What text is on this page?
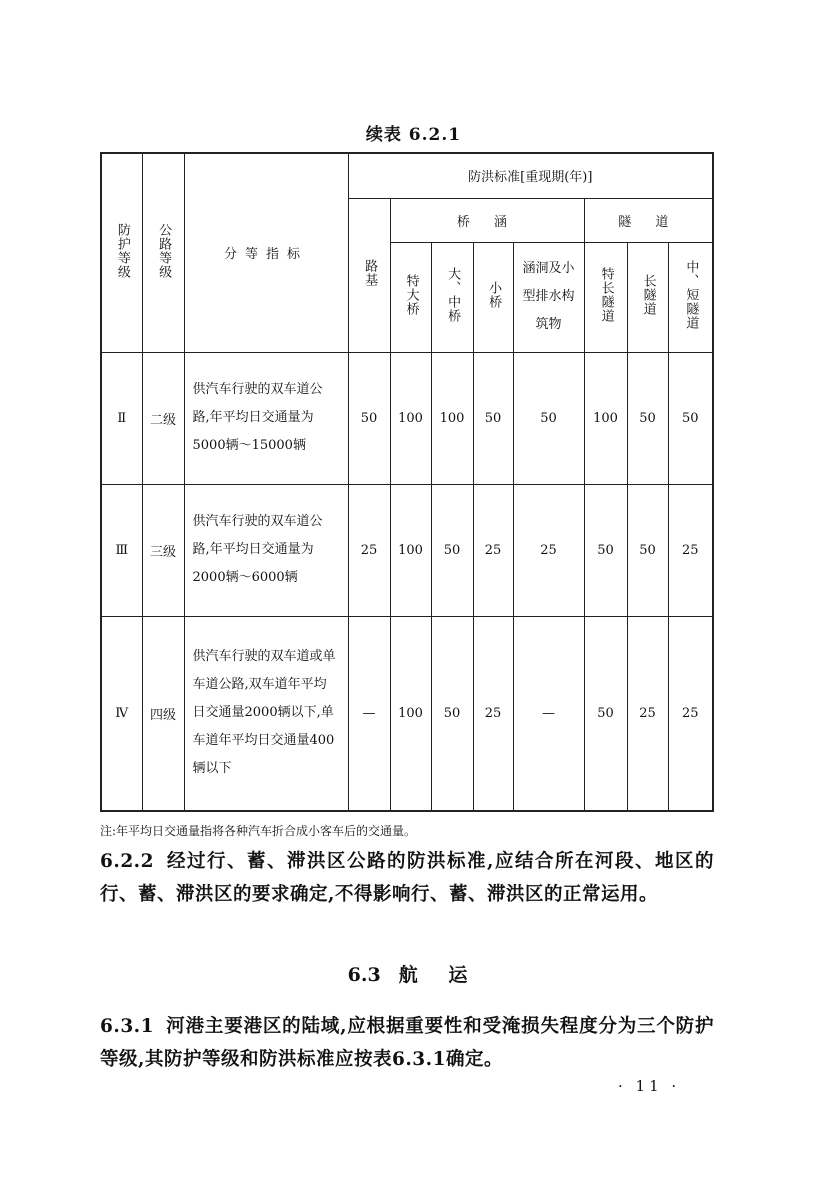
续表 6.2.1
防护等级	公路等级	分等指标	防洪标准[重现期(年)]							
			路基	桥 涵				隧 道		
				特大桥	大、中桥	小桥	涵洞及小型排水构筑物	特长隧道	长隧道	中、短隧道
Ⅱ	二级	供汽车行驶的双车道公路,年平均日交通量为5000辆～15000辆	50	100	100	50	50	100	50	50
Ⅲ	三级	供汽车行驶的双车道公路,年平均日交通量为2000辆～6000辆	25	100	50	25	25	50	50	25
Ⅳ	四级	供汽车行驶的双车道或单车道公路,双车道年平均日交通量2000辆以下,单车道年平均日交通量400辆以下	—	100	50	25	—	50	25	25
注:年平均日交通量指将各种汽车折合成小客车后的交通量。
6.2.2 经过行、蓄、滞洪区公路的防洪标准,应结合所在河段、地区的行、蓄、滞洪区的要求确定,不得影响行、蓄、滞洪区的正常运用。
6.3 航 运
6.3.1 河港主要港区的陆域,应根据重要性和受淹损失程度分为三个防护等级,其防护等级和防洪标准应按表6.3.1确定。
· 11 ·
